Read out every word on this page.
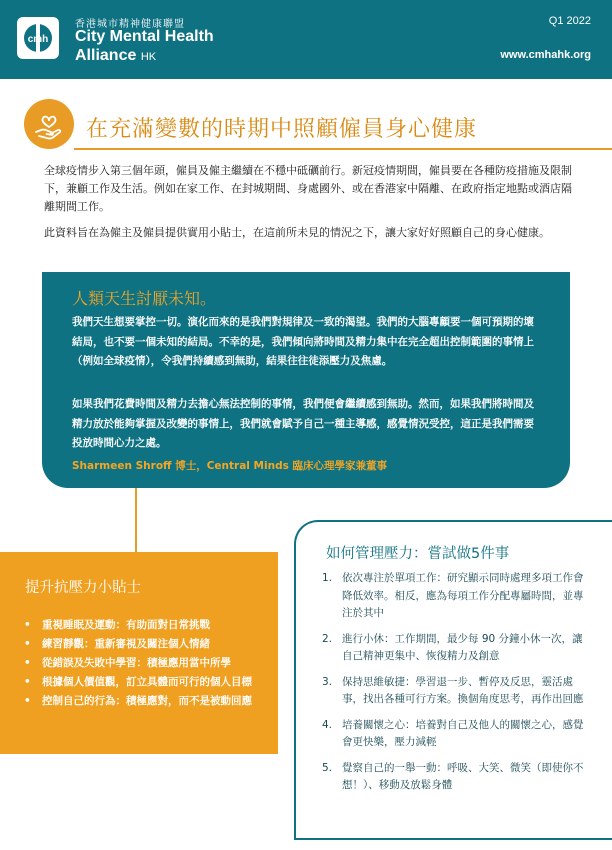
cmh
香港城市精神健康聯盟
City Mental Health
Alliance HK
Q1 2022
www.cmhahk.org
在充滿變數的時期中照顧僱員身心健康

全球疫情步入第三個年頭，僱員及僱主繼續在不穩中砥礪前行。新冠疫情期間，僱員要在各種防疫措施及限制下，兼顧工作及生活。例如在家工作、在封城期間、身處國外、或在香港家中隔離、在政府指定地點或酒店隔離期間工作。

此資料旨在為僱主及僱員提供實用小貼士，在這前所未見的情況之下，讓大家好好照顧自己的身心健康。

人類天生討厭未知。

我們天生想要掌控一切。演化而來的是我們對規律及一致的渴望。我們的大腦專顧要一個可預期的壞結局，也不要一個未知的結局。不幸的是，我們傾向將時間及精力集中在完全超出控制範圍的事情上（例如全球疫情），令我們持續感到無助，結果往往徒添壓力及焦慮。

如果我們花費時間及精力去擔心無法控制的事情，我們便會繼續感到無助。然而，如果我們將時間及精力放於能夠掌握及改變的事情上，我們就會賦予自己一種主導感，感覺情況受控，這正是我們需要投放時間心力之處。

Sharmeen Shroff 博士，Central Minds 臨床心理學家兼董事
提升抗壓力小貼士
• 重視睡眠及運動：有助面對日常挑戰
• 練習靜觀：重新審視及關注個人情緒
• 從錯誤及失敗中學習：積極應用當中所學
• 根據個人價值觀，訂立具體而可行的個人目標
• 控制自己的行為：積極應對，而不是被動回應
如何管理壓力：嘗試做5件事
1. 依次專注於單項工作：研究顯示同時處理多項工作會降低效率。相反，應為每項工作分配專屬時間，並專注於其中
2. 進行小休：工作期間，最少每 90 分鐘小休一次，讓自己精神更集中、恢復精力及創意
3. 保持思維敏捷：學習退一步、暫停及反思，靈活處事，找出各種可行方案。換個角度思考，再作出回應
4. 培養關懷之心：培養對自己及他人的關懷之心，感覺會更快樂，壓力減輕
5. 覺察自己的一舉一動：呼吸、大笑、微笑（即使你不想！）、移動及放鬆身體
